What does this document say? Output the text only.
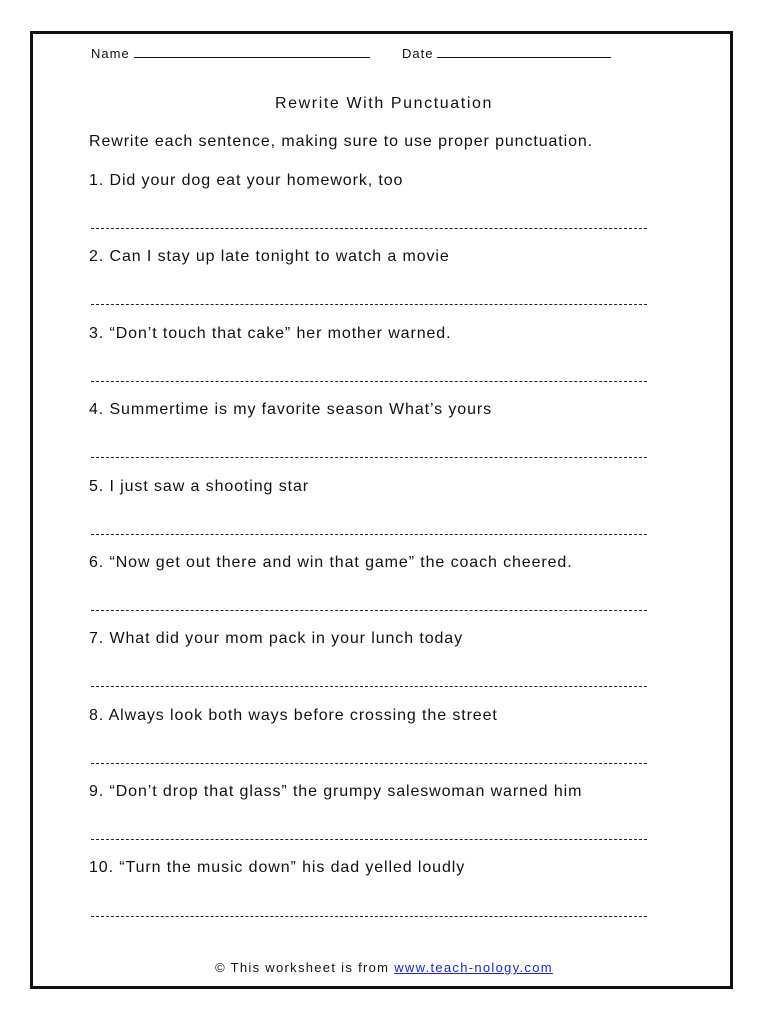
Name	Date
Rewrite With Punctuation
Rewrite each sentence, making sure to use proper punctuation.
1. Did your dog eat your homework, too
2. Can I stay up late tonight to watch a movie
3. “Don’t touch that cake” her mother warned.
4. Summertime is my favorite season What’s yours
5. I just saw a shooting star
6. “Now get out there and win that game” the coach cheered.
7. What did your mom pack in your lunch today
8. Always look both ways before crossing the street
9. “Don’t drop that glass” the grumpy saleswoman warned him
10. “Turn the music down” his dad yelled loudly
© This worksheet is from www.teach-nology.com
